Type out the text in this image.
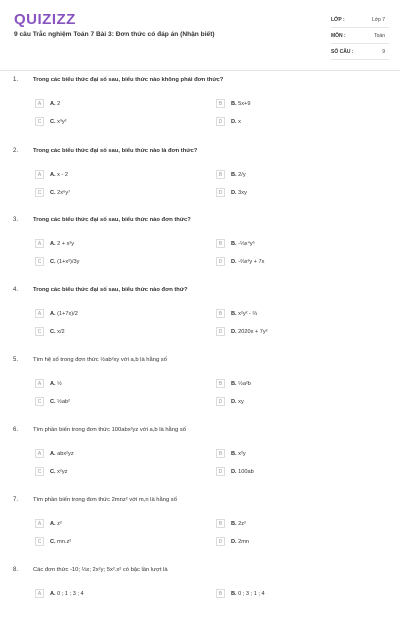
QUIZIZZ
9 câu Trắc nghiệm Toán 7 Bài 3: Đơn thức có đáp án (Nhận biết)
LỚP :	Lớp 7
MÔN :	Toán
SỐ CÂU :	9
1.	Trong các biểu thức đại số sau, biểu thức nào không phải đơn thức?
A	A. 2	B	B. 5x+9
C	C. x³y²	D	D. x
2.	Trong các biểu thức đại số sau, biểu thức nào là đơn thức?
A	A. x - 2	B	B. 2/y
C	C. 2x⁶y⁷	D	D. 3xy
3.	Trong các biểu thức đại số sau, biểu thức nào đơn thức?
A	A. 2 + x²y	B	B. -⅓x⁴y⁵
C	C. (1+x²)/3y	D	D. -⅔x³y + 7x
4.	Trong các biểu thức đại số sau, biểu thức nào đơn thứ?
A	A. (1+7x)/2	B	B. x²y² - ⅔
C	C. x/2	D	D. 2020x + 7y²
5.	Tìm hệ số trong đơn thức ½ab²xy với a,b là hằng số
A	A. ½	B	B. ½a²b
C	C. ½ab²	D	D. xy
6.	Tìm phần biến trong đơn thức 100abx²yz với a,b là hằng số
A	A. abx²yz	B	B. x²y
C	C. x²yz	D	D. 100ab
7.	Tìm phần biến trong đơn thức 2mnz² với m,n là hằng số
A	A. z²	B	B. 2z²
C	C. mn.z²	D	D. 2mn
8.	Các đơn thức -10; ⅓x; 2x²y; 5x².x² có bậc lần lượt là
A	A. 0 ; 1 ; 3 ; 4	B	B. 0 ; 3 ; 1 ; 4
